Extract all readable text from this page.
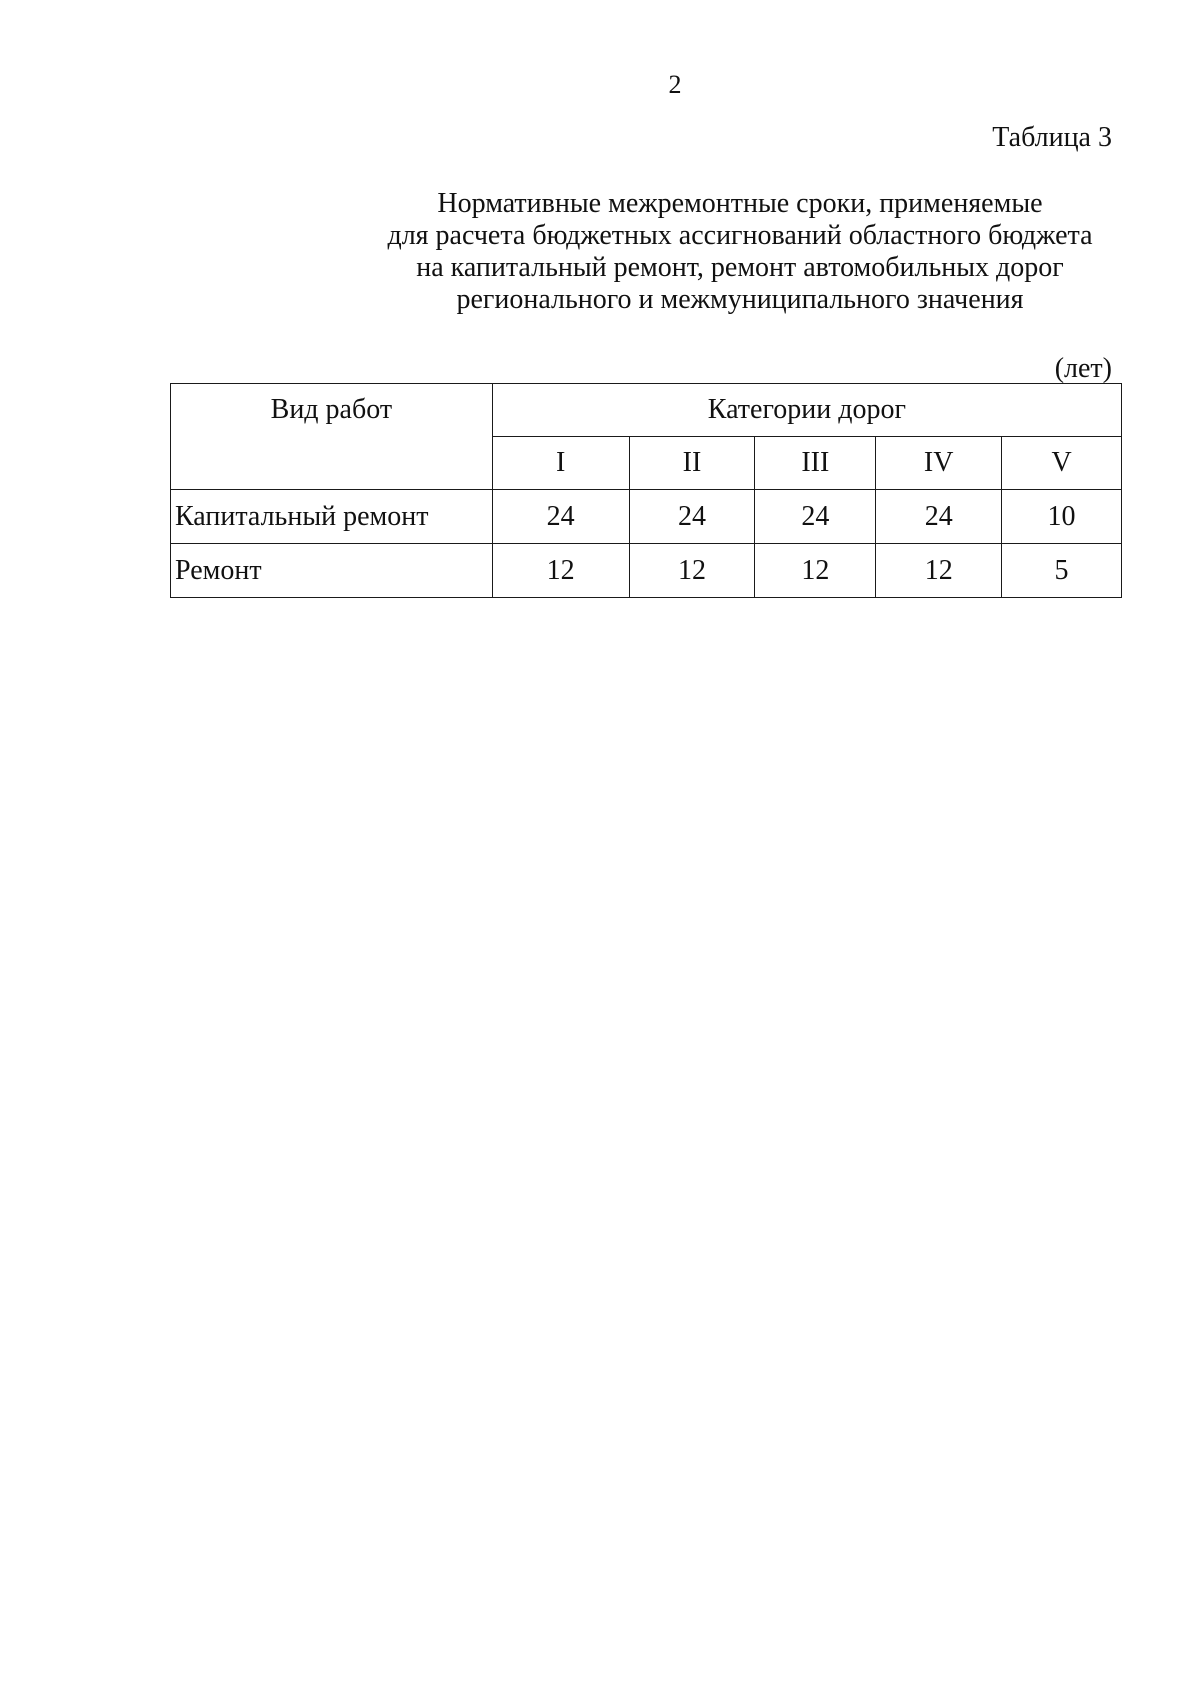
2
Таблица 3
Нормативные межремонтные сроки, применяемые
для расчета бюджетных ассигнований областного бюджета
на капитальный ремонт, ремонт автомобильных дорог
регионального и межмуниципального значения
(лет)
Вид работ	Категории дорог				
	I	II	III	IV	V
Капитальный ремонт	24	24	24	24	10
Ремонт	12	12	12	12	5
